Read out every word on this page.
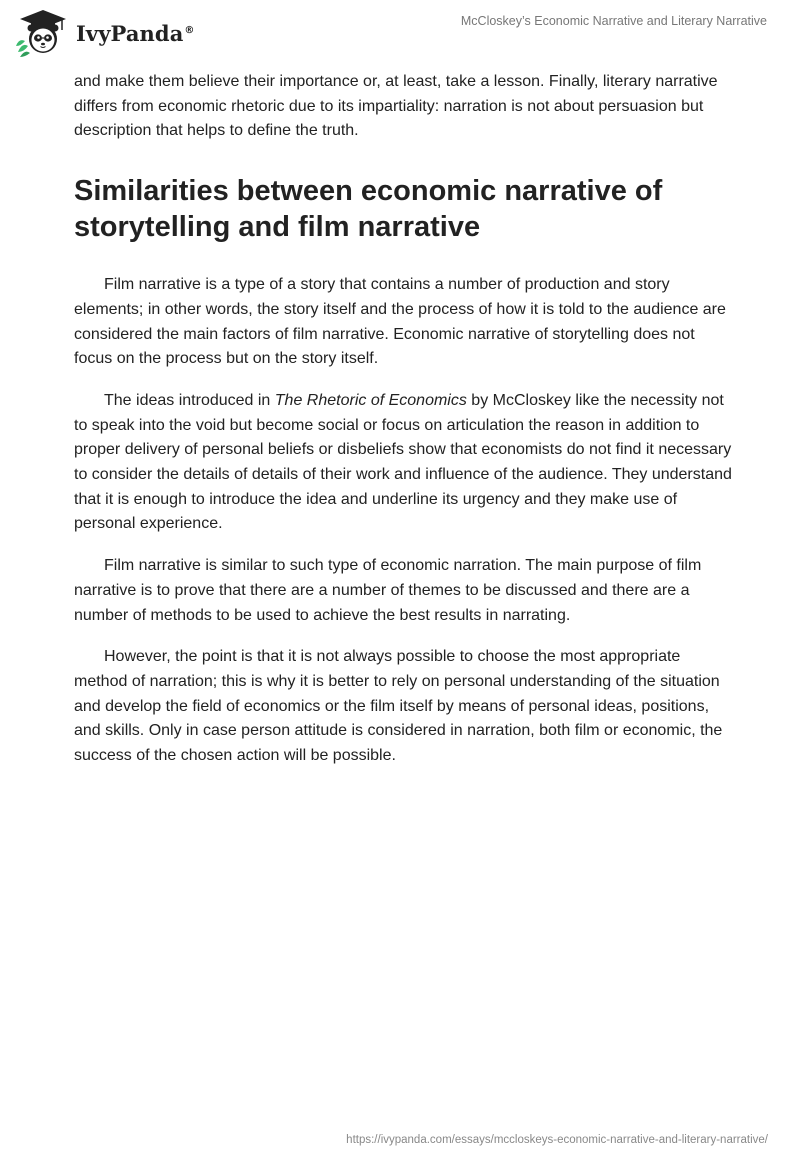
IvyPanda®
McCloskey’s Economic Narrative and Literary Narrative

and make them believe their importance or, at least, take a lesson. Finally, literary narrative differs from economic rhetoric due to its impartiality: narration is not about persuasion but description that helps to define the truth.

Similarities between economic narrative of storytelling and film narrative

Film narrative is a type of a story that contains a number of production and story elements; in other words, the story itself and the process of how it is told to the audience are considered the main factors of film narrative. Economic narrative of storytelling does not focus on the process but on the story itself.

The ideas introduced in The Rhetoric of Economics by McCloskey like the necessity not to speak into the void but become social or focus on articulation the reason in addition to proper delivery of personal beliefs or disbeliefs show that economists do not find it necessary to consider the details of details of their work and influence of the audience. They understand that it is enough to introduce the idea and underline its urgency and they make use of personal experience.

Film narrative is similar to such type of economic narration. The main purpose of film narrative is to prove that there are a number of themes to be discussed and there are a number of methods to be used to achieve the best results in narrating.

However, the point is that it is not always possible to choose the most appropriate method of narration; this is why it is better to rely on personal understanding of the situation and develop the field of economics or the film itself by means of personal ideas, positions, and skills. Only in case person attitude is considered in narration, both film or economic, the success of the chosen action will be possible.

https://ivypanda.com/essays/mccloskeys-economic-narrative-and-literary-narrative/
